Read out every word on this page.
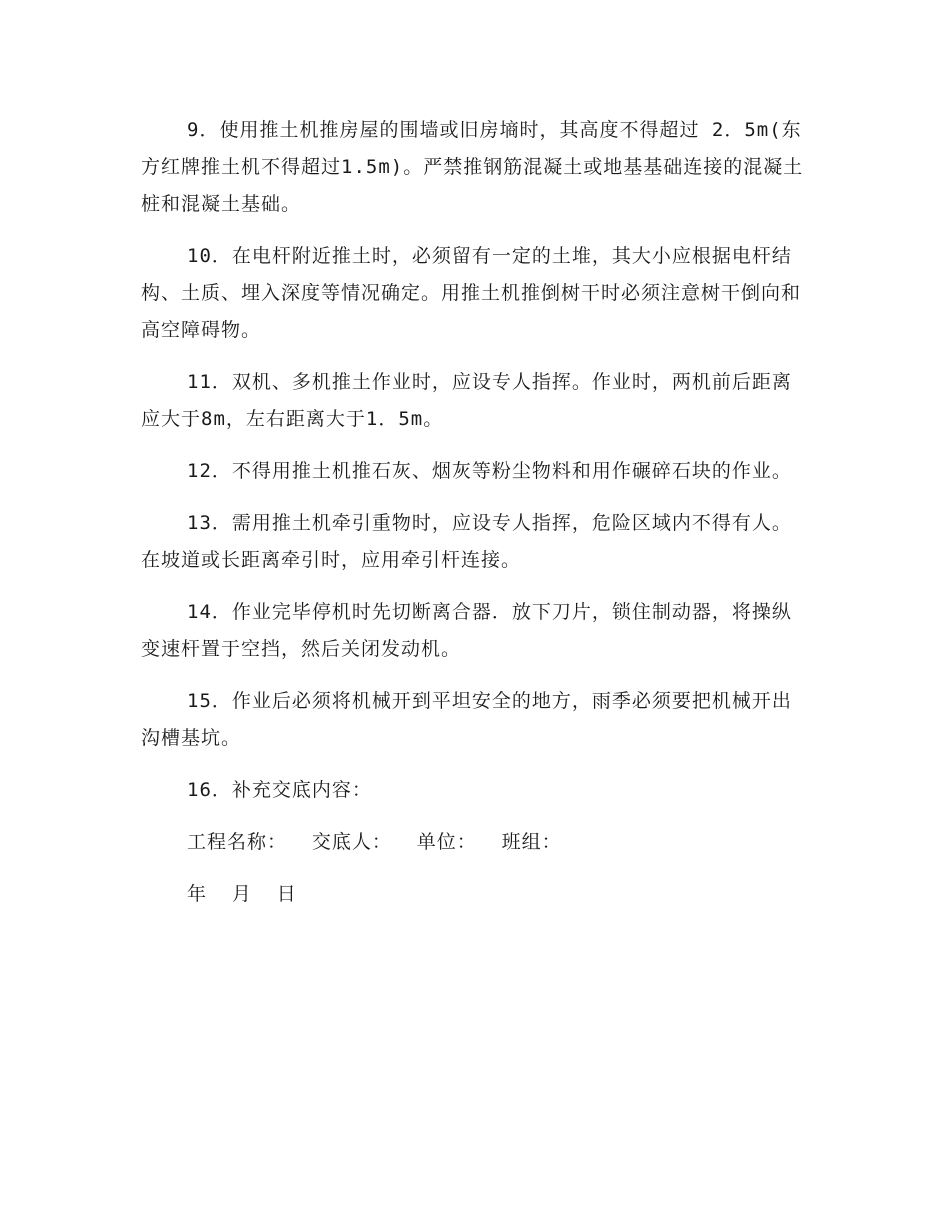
9．使用推土机推房屋的围墙或旧房墒时，其高度不得超过 2．5m(东方红牌推土机不得超过1.5m)。严禁推钢筋混凝土或地基基础连接的混凝土桩和混凝土基础。

10．在电杆附近推土时，必须留有一定的土堆，其大小应根据电杆结构、土质、埋入深度等情况确定。用推土机推倒树干时必须注意树干倒向和高空障碍物。

11．双机、多机推土作业时，应设专人指挥。作业时，两机前后距离应大于8m，左右距离大于1．5m。

12．不得用推土机推石灰、烟灰等粉尘物料和用作碾碎石块的作业。

13．需用推土机牵引重物时，应设专人指挥，危险区域内不得有人。在坡道或长距离牵引时，应用牵引杆连接。

14．作业完毕停机时先切断离合器．放下刀片，锁住制动器，将操纵变速杆置于空挡，然后关闭发动机。

15．作业后必须将机械开到平坦安全的地方，雨季必须要把机械开出沟槽基坑。

16．补充交底内容：

工程名称：  交底人：  单位：  班组：

年  月  日
